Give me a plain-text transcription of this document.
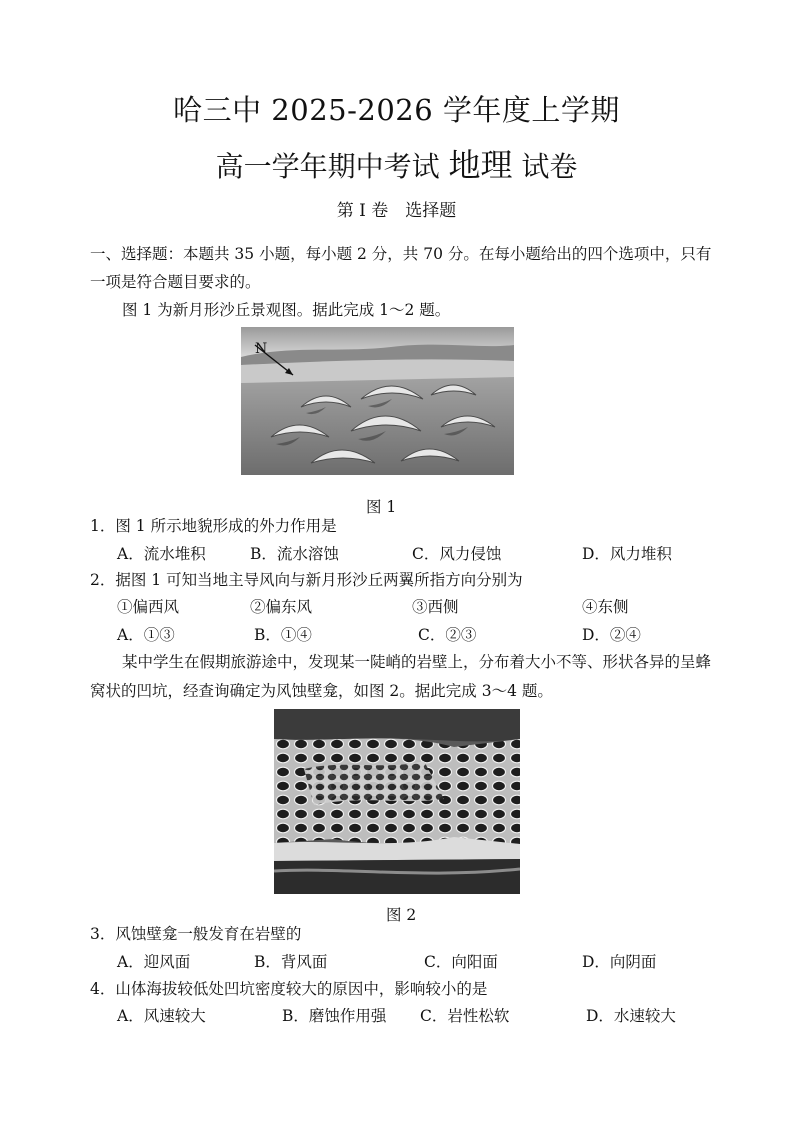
哈三中 2025-2026 学年度上学期
高一学年期中考试 地理 试卷
第 I 卷　选择题
一、选择题：本题共 35 小题，每小题 2 分，共 70 分。在每小题给出的四个选项中，只有一项是符合题目要求的。
图 1 为新月形沙丘景观图。据此完成 1～2 题。
N
图 1
1．图 1 所示地貌形成的外力作用是
A．流水堆积	B．流水溶蚀	C．风力侵蚀	D．风力堆积
2．据图 1 可知当地主导风向与新月形沙丘两翼所指方向分别为
①偏西风	②偏东风	③西侧	④东侧
A．①③	B．①④	C．②③	D．②④
某中学生在假期旅游途中，发现某一陡峭的岩壁上，分布着大小不等、形状各异的呈蜂窝状的凹坑，经查询确定为风蚀壁龛，如图 2。据此完成 3～4 题。
图 2
3．风蚀壁龛一般发育在岩壁的
A．迎风面	B．背风面	C．向阳面	D．向阴面
4．山体海拔较低处凹坑密度较大的原因中，影响较小的是
A．风速较大	B．磨蚀作用强 C．岩性松软	D．水速较大
